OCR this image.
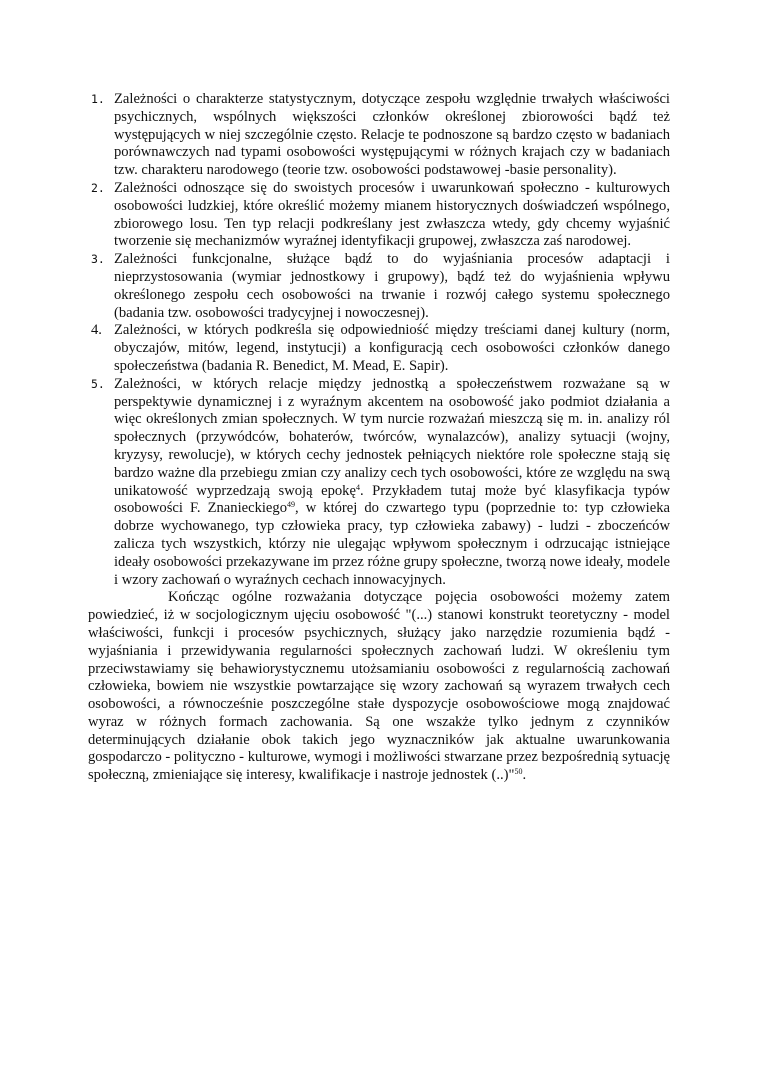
1. Zależności o charakterze statystycznym, dotyczące zespołu względnie trwałych właściwości psychicznych, wspólnych większości członków określonej zbiorowości bądź też występujących w niej szczególnie często. Relacje te podnoszone są bardzo często w badaniach porównawczych nad typami osobowości występującymi w różnych krajach czy w badaniach tzw. charakteru narodowego (teorie tzw. osobowości podstawowej -basie personality).
2. Zależności odnoszące się do swoistych procesów i uwarunkowań społeczno - kulturowych osobowości ludzkiej, które określić możemy mianem historycznych doświadczeń wspólnego, zbiorowego losu. Ten typ relacji podkreślany jest zwłaszcza wtedy, gdy chcemy wyjaśnić tworzenie się mechanizmów wyraźnej identyfikacji grupowej, zwłaszcza zaś narodowej.
3. Zależności funkcjonalne, służące bądź to do wyjaśniania procesów adaptacji i nieprzystosowania (wymiar jednostkowy i grupowy), bądź też do wyjaśnienia wpływu określonego zespołu cech osobowości na trwanie i rozwój całego systemu społecznego (badania tzw. osobowości tradycyjnej i nowoczesnej).
4. Zależności, w których podkreśla się odpowiedniość między treściami danej kultury (norm, obyczajów, mitów, legend, instytucji) a konfiguracją cech osobowości członków danego społeczeństwa (badania R. Benedict, M. Mead, E. Sapir).
5. Zależności, w których relacje między jednostką a społeczeństwem rozważane są w perspektywie dynamicznej i z wyraźnym akcentem na osobowość jako podmiot działania a więc określonych zmian społecznych. W tym nurcie rozważań mieszczą się m. in. analizy ról społecznych (przywódców, bohaterów, twórców, wynalazców), analizy sytuacji (wojny, kryzysy, rewolucje), w których cechy jednostek pełniących niektóre role społeczne stają się bardzo ważne dla przebiegu zmian czy analizy cech tych osobowości, które ze względu na swą unikatowość wyprzedzają swoją epokę$^4$. Przykładem tutaj może być klasyfikacja typów osobowości F. Znanieckiego$^{49}$, w której do czwartego typu (poprzednie to: typ człowieka dobrze wychowanego, typ człowieka pracy, typ człowieka zabawy) - ludzi - zboczeńców zalicza tych wszystkich, którzy nie ulegając wpływom społecznym i odrzucając istniejące ideały osobowości przekazywane im przez różne grupy społeczne, tworzą nowe ideały, modele i wzory zachowań o wyraźnych cechach innowacyjnych.

Kończąc ogólne rozważania dotyczące pojęcia osobowości możemy zatem powiedzieć, iż w socjologicznym ujęciu osobowość "(...) stanowi konstrukt teoretyczny - model właściwości, funkcji i procesów psychicznych, służący jako narzędzie rozumienia bądź -wyjaśniania i przewidywania regularności społecznych zachowań ludzi. W określeniu tym przeciwstawiamy się behawiorystycznemu utożsamianiu osobowości z regularnością zachowań człowieka, bowiem nie wszystkie powtarzające się wzory zachowań są wyrazem trwałych cech osobowości, a równocześnie poszczególne stałe dyspozycje osobowościowe mogą znajdować wyraz w różnych formach zachowania. Są one wszakże tylko jednym z czynników determinujących działanie obok takich jego wyznaczników jak aktualne uwarunkowania gospodarczo - polityczno - kulturowe, wymogi i możliwości stwarzane przez bezpośrednią sytuację społeczną, zmieniające się interesy, kwalifikacje i nastroje jednostek (..)"$^{50}$.
